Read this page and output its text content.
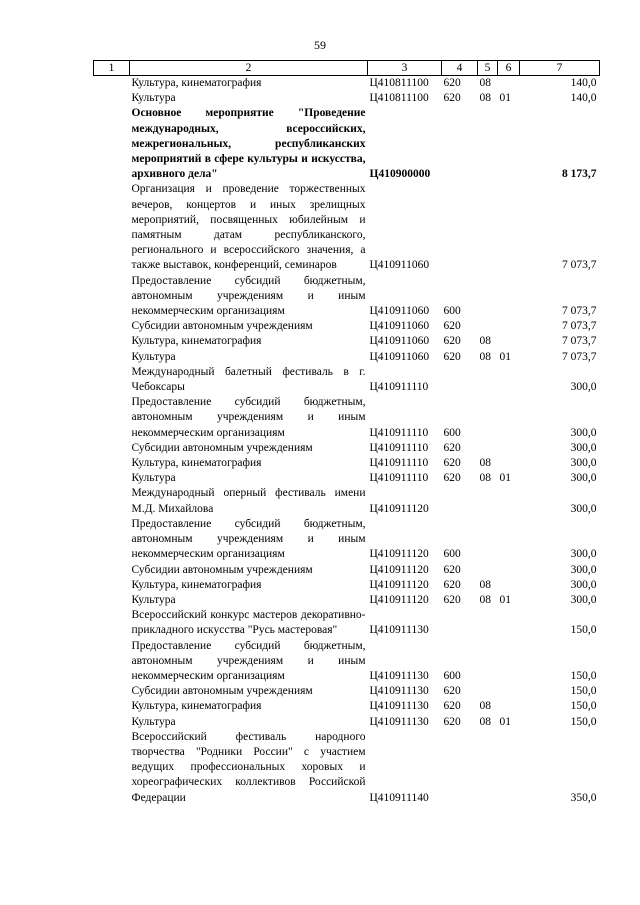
59
1	2	3	4	5	6	7
	Культура, кинематография	Ц410811100	620	08		140,0
	Культура	Ц410811100	620	08	01	140,0
	Основное мероприятие "Проведение международных, всероссийских, межрегиональных, республиканских мероприятий в сфере культуры и искусства, архивного дела"	Ц410900000				8 173,7
	Организация и проведение торжественных вечеров, концертов и иных зрелищных мероприятий, посвященных юбилейным и памятным датам республиканского, регионального и всероссийского значения, а также выставок, конференций, семинаров	Ц410911060				7 073,7
	Предоставление субсидий бюджетным, автономным учреждениям и иным некоммерческим организациям	Ц410911060	600			7 073,7
	Субсидии автономным учреждениям	Ц410911060	620			7 073,7
	Культура, кинематография	Ц410911060	620	08		7 073,7
	Культура	Ц410911060	620	08	01	7 073,7
	Международный балетный фестиваль в г. Чебоксары	Ц410911110				300,0
	Предоставление субсидий бюджетным, автономным учреждениям и иным некоммерческим организациям	Ц410911110	600			300,0
	Субсидии автономным учреждениям	Ц410911110	620			300,0
	Культура, кинематография	Ц410911110	620	08		300,0
	Культура	Ц410911110	620	08	01	300,0
	Международный оперный фестиваль имени М.Д. Михайлова	Ц410911120				300,0
	Предоставление субсидий бюджетным, автономным учреждениям и иным некоммерческим организациям	Ц410911120	600			300,0
	Субсидии автономным учреждениям	Ц410911120	620			300,0
	Культура, кинематография	Ц410911120	620	08		300,0
	Культура	Ц410911120	620	08	01	300,0
	Всероссийский конкурс мастеров декоративно-прикладного искусства "Русь мастеровая"	Ц410911130				150,0
	Предоставление субсидий бюджетным, автономным учреждениям и иным некоммерческим организациям	Ц410911130	600			150,0
	Субсидии автономным учреждениям	Ц410911130	620			150,0
	Культура, кинематография	Ц410911130	620	08		150,0
	Культура	Ц410911130	620	08	01	150,0
	Всероссийский фестиваль народного творчества "Родники России" с участием ведущих профессиональных хоровых и хореографических коллективов Российской Федерации	Ц410911140				350,0
